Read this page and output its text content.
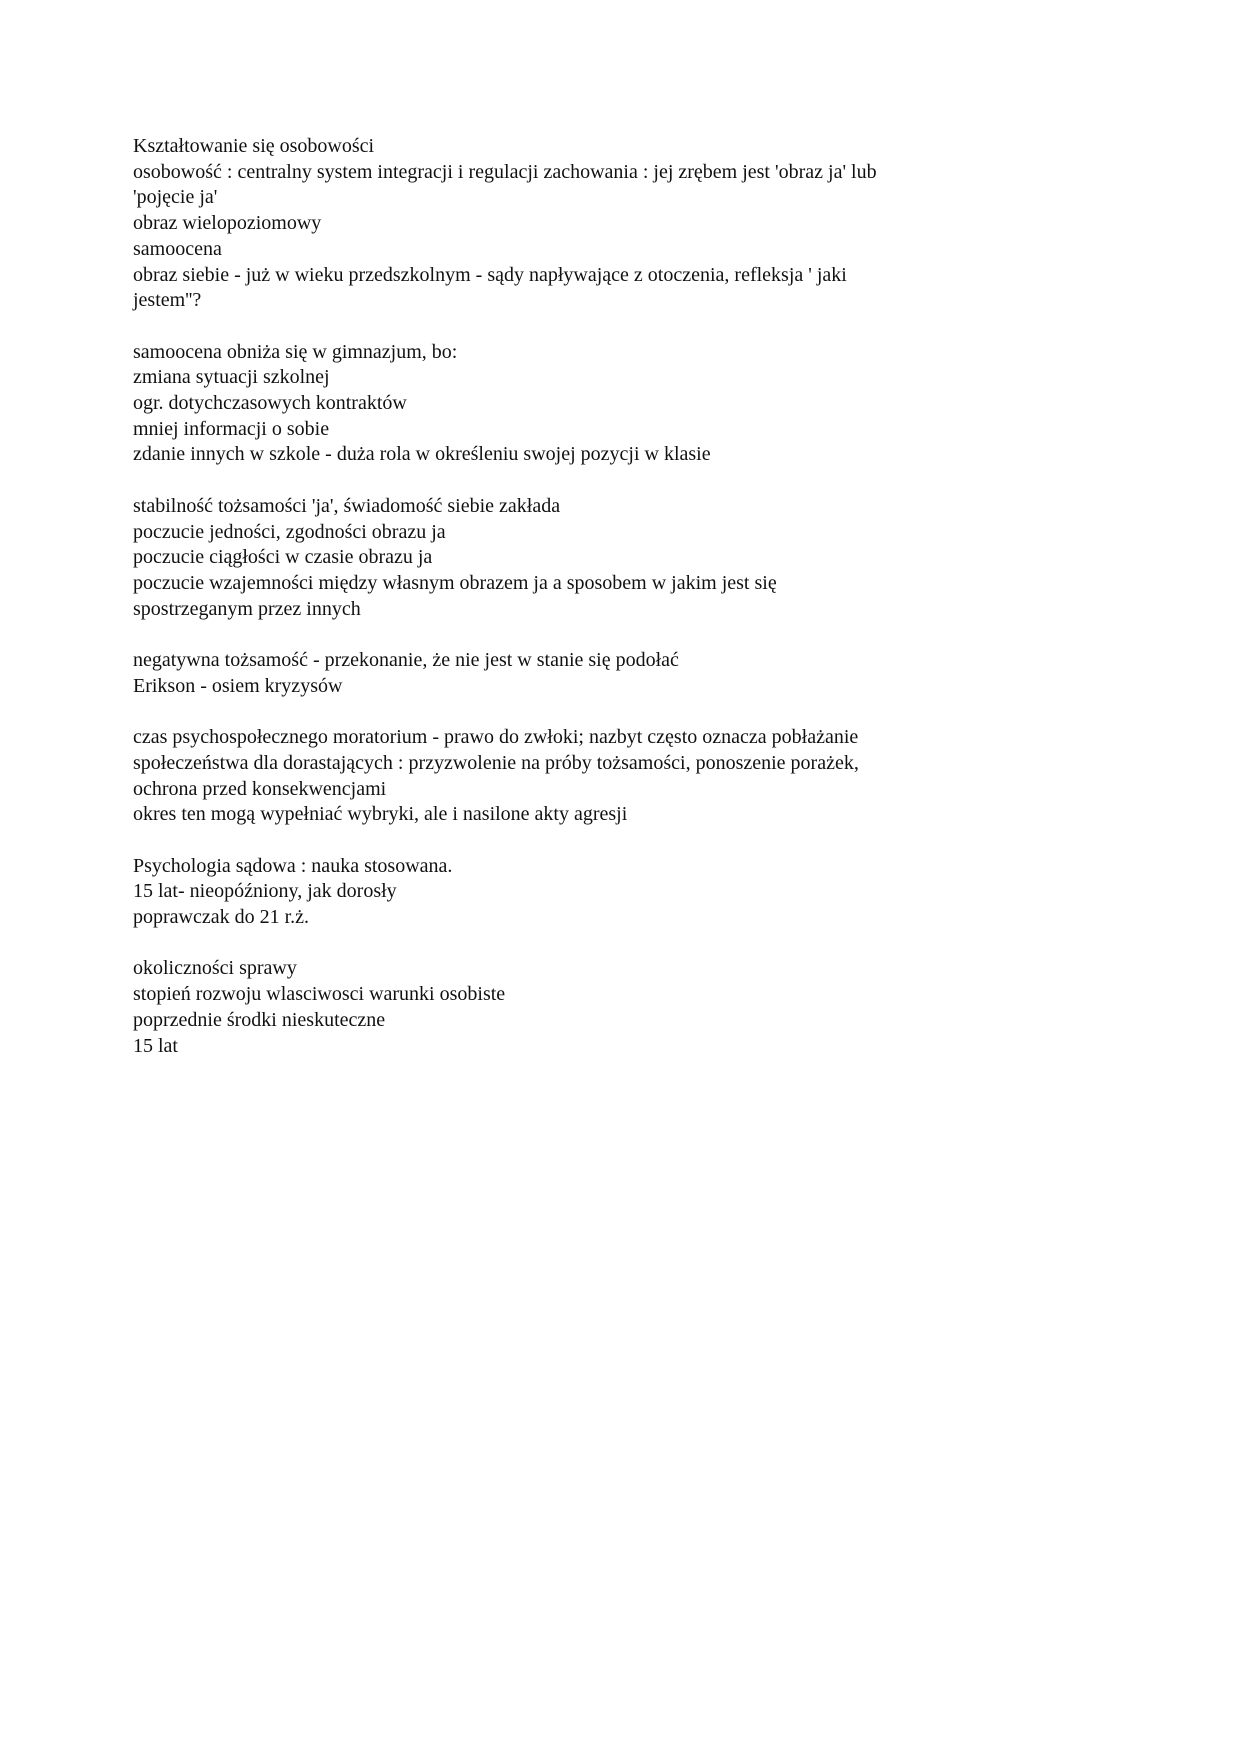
Kształtowanie się osobowości
osobowość : centralny system integracji i regulacji zachowania : jej zrębem jest 'obraz ja' lub
'pojęcie ja'
obraz wielopoziomowy
samoocena
obraz siebie - już w wieku przedszkolnym - sądy napływające z otoczenia, refleksja ' jaki
jestem''?
samoocena obniża się w gimnazjum, bo:
zmiana sytuacji szkolnej
ogr. dotychczasowych kontraktów
mniej informacji o sobie
zdanie innych w szkole - duża rola w określeniu swojej pozycji w klasie
stabilność tożsamości 'ja', świadomość siebie zakłada
poczucie jedności, zgodności obrazu ja
poczucie ciągłości w czasie obrazu ja
poczucie wzajemności między własnym obrazem ja a sposobem w jakim jest się
spostrzeganym przez innych
negatywna tożsamość - przekonanie, że nie jest w stanie się podołać
Erikson - osiem kryzysów
czas psychospołecznego moratorium - prawo do zwłoki; nazbyt często oznacza pobłażanie
społeczeństwa dla dorastających : przyzwolenie na próby tożsamości, ponoszenie porażek,
ochrona przed konsekwencjami
okres ten mogą wypełniać wybryki, ale i nasilone akty agresji
Psychologia sądowa : nauka stosowana.
15 lat- nieopóźniony, jak dorosły
poprawczak do 21 r.ż.
okoliczności sprawy
stopień rozwoju wlasciwosci warunki osobiste
poprzednie środki nieskuteczne
15 lat
